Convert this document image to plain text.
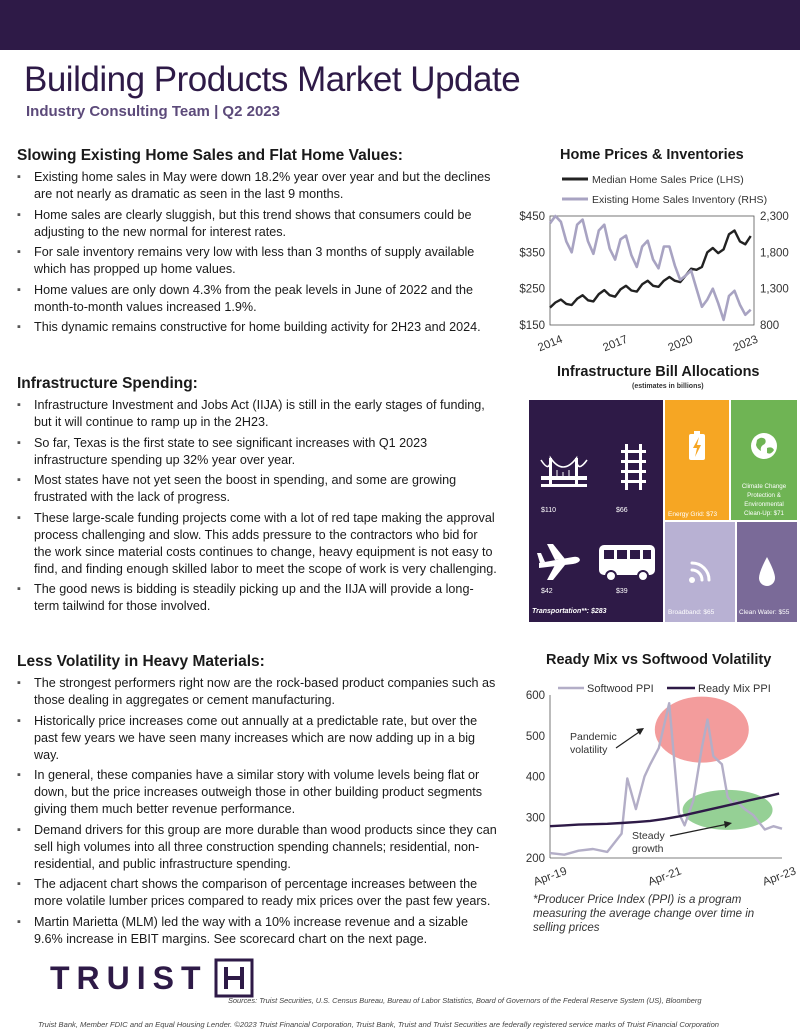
Building Products Market Update
Industry Consulting Team | Q2 2023
Slowing Existing Home Sales and Flat Home Values:
▪ Existing home sales in May were down 18.2% year over year and but the declines are not nearly as dramatic as seen in the last 9 months.
▪ Home sales are clearly sluggish, but this trend shows that consumers could be adjusting to the new normal for interest rates.
▪ For sale inventory remains very low with less than 3 months of supply available which has propped up home values.
▪ Home values are only down 4.3% from the peak levels in June of 2022 and the month-to-month values increased 1.9%.
▪ This dynamic remains constructive for home building activity for 2H23 and 2024.
Infrastructure Spending:
▪ Infrastructure Investment and Jobs Act (IIJA) is still in the early stages of funding, but it will continue to ramp up in the 2H23.
▪ So far, Texas is the first state to see significant increases with Q1 2023 infrastructure spending up 32% year over year.
▪ Most states have not yet seen the boost in spending, and some are growing frustrated with the lack of progress.
▪ These large-scale funding projects come with a lot of red tape making the approval process challenging and slow. This adds pressure to the contractors who bid for the work since material costs continues to change, heavy equipment is not easy to find, and finding enough skilled labor to meet the scope of work is very challenging.
▪ The good news is bidding is steadily picking up and the IIJA will provide a long-term tailwind for those involved.
Less Volatility in Heavy Materials:
▪ The strongest performers right now are the rock-based product companies such as those dealing in aggregates or cement manufacturing.
▪ Historically price increases come out annually at a predictable rate, but over the past few years we have seen many increases which are now adding up in a big way.
▪ In general, these companies have a similar story with volume levels being flat or down, but the price increases outweigh those in other building product segments giving them much better revenue performance.
▪ Demand drivers for this group are more durable than wood products since they can sell high volumes into all three construction spending channels; residential, non-residential, and public infrastructure spending.
▪ The adjacent chart shows the comparison of percentage increases between the more volatile lumber prices compared to ready mix prices over the past few years.
▪ Martin Marietta (MLM) led the way with a 10% increase revenue and a sizable 9.6% increase in EBIT margins. See scorecard chart on the next page.
Home Prices & Inventories
Median Home Sales Price (LHS)
Existing Home Sales Inventory (RHS)
$150
$250
$350
$450
800
1,300
1,800
2,300
2014	2017	2020	2023
Infrastructure Bill Allocations
(estimates in billions)
$110	$66
$42	$39
Transportation**: $283
Energy Grid: $73
Climate Change
Protection &
Environmental
Clean-Up: $71
Broadband: $65	Clean Water: $55
Ready Mix vs Softwood Volatility
Softwood PPI	Ready Mix PPI
200
300
400
500
600
Apr-19	Apr-21	Apr-23
Pandemic
volatility
Steady
growth
*Producer Price Index (PPI) is a program measuring the average change over time in selling prices
TRUIST
Sources: Truist Securities, U.S. Census Bureau, Bureau of Labor Statistics, Board of Governors of the Federal Reserve System (US), Bloomberg
Truist Bank, Member FDIC and an Equal Housing Lender. ©2023 Truist Financial Corporation, Truist Bank, Truist and Truist Securities are federally registered service marks of Truist Financial Corporation
